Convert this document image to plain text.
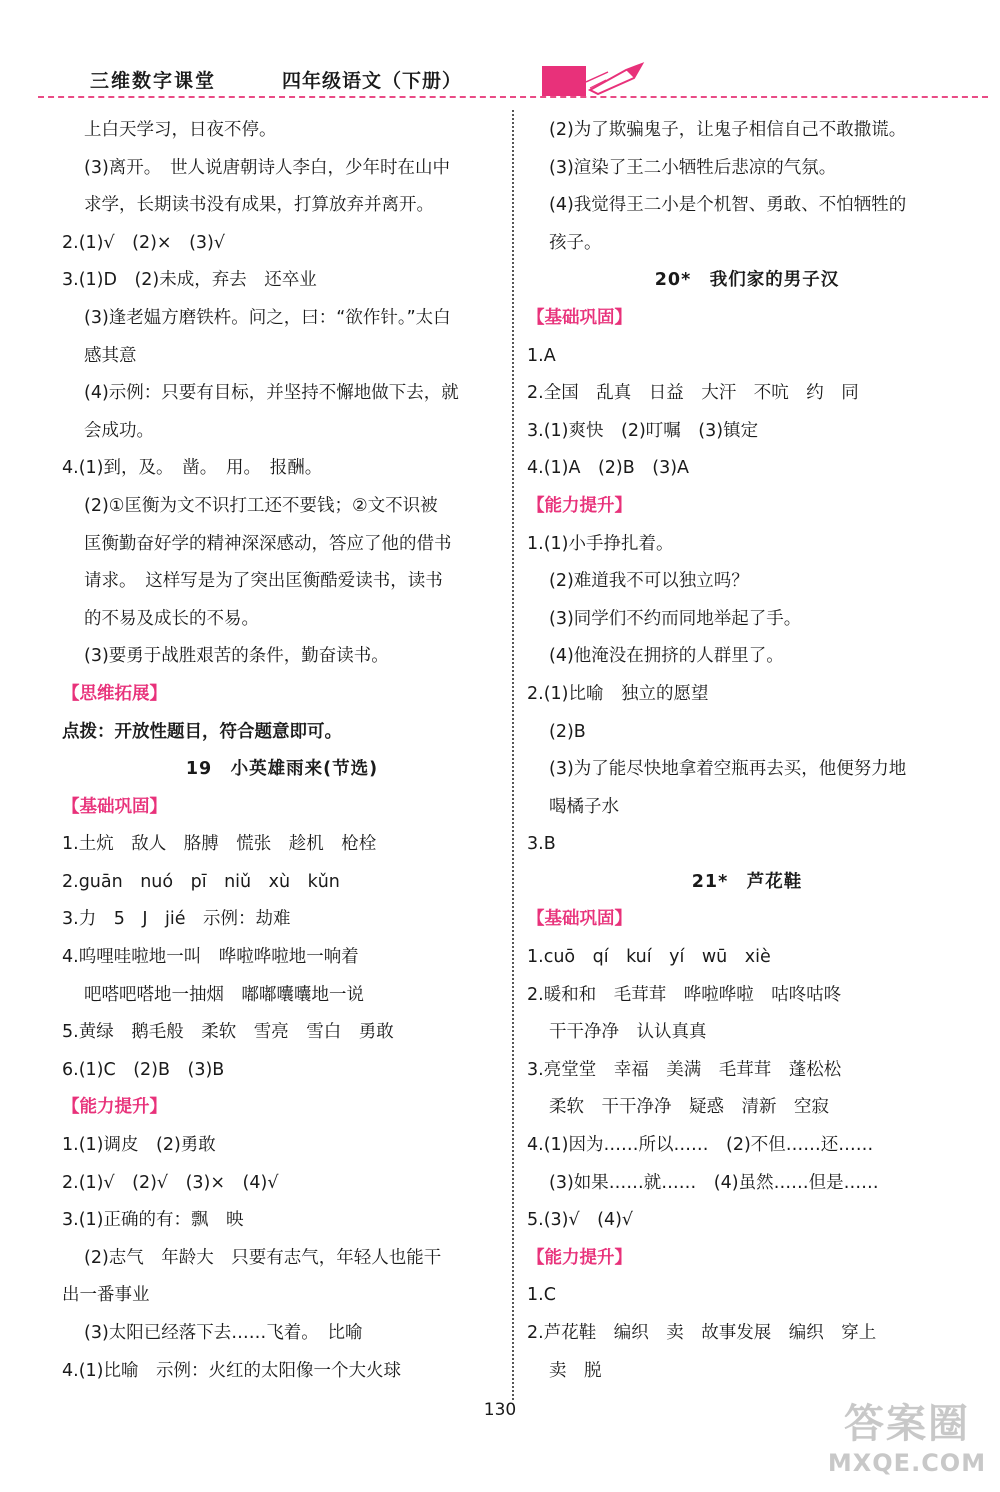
三维数字课堂	四年级语文（下册）
上白天学习，日夜不停。
(3)离开。　世人说唐朝诗人李白，少年时在山中
求学，长期读书没有成果，打算放弃并离开。
2.(1)√　(2)×　(3)√
3.(1)D　(2)未成，弃去　还卒业
(3)逢老媪方磨铁杵。问之，曰：“欲作针。”太白
感其意
(4)示例：只要有目标，并坚持不懈地做下去，就
会成功。
4.(1)到，及。　凿。　用。　报酬。
(2)①匡衡为文不识打工还不要钱；②文不识被
匡衡勤奋好学的精神深深感动，答应了他的借书
请求。　这样写是为了突出匡衡酷爱读书，读书
的不易及成长的不易。
(3)要勇于战胜艰苦的条件，勤奋读书。
【思维拓展】
点拨：开放性题目，符合题意即可。
19　小英雄雨来(节选)
【基础巩固】
1.土炕　敌人　胳膊　慌张　趁机　枪栓
2.guān　nuó　pī　niǔ　xù　kǔn
3.力　5　J　jié　示例：劫难
4.呜哩哇啦地一叫　哗啦哗啦地一响着
吧嗒吧嗒地一抽烟　嘟嘟囔囔地一说
5.黄绿　鹅毛般　柔软　雪亮　雪白　勇敢
6.(1)C　(2)B　(3)B
【能力提升】
1.(1)调皮　(2)勇敢
2.(1)√　(2)√　(3)×　(4)√
3.(1)正确的有：飘　映
(2)志气　年龄大　只要有志气，年轻人也能干
出一番事业
(3)太阳已经落下去……飞着。　比喻
4.(1)比喻　示例：火红的太阳像一个大火球
(2)为了欺骗鬼子，让鬼子相信自己不敢撒谎。
(3)渲染了王二小牺牲后悲凉的气氛。
(4)我觉得王二小是个机智、勇敢、不怕牺牲的
孩子。
20*　我们家的男子汉
【基础巩固】
1.A
2.全国　乱真　日益　大汗　不吭　约　同
3.(1)爽快　(2)叮嘱　(3)镇定
4.(1)A　(2)B　(3)A
【能力提升】
1.(1)小手挣扎着。
(2)难道我不可以独立吗？
(3)同学们不约而同地举起了手。
(4)他淹没在拥挤的人群里了。
2.(1)比喻　独立的愿望
(2)B
(3)为了能尽快地拿着空瓶再去买，他便努力地
喝橘子水
3.B
21*　芦花鞋
【基础巩固】
1.cuō　qí　kuí　yí　wū　xiè
2.暖和和　毛茸茸　哗啦哗啦　咕咚咕咚
干干净净　认认真真
3.亮堂堂　幸福　美满　毛茸茸　蓬松松
柔软　干干净净　疑惑　清新　空寂
4.(1)因为……所以……　(2)不但……还……
(3)如果……就……　(4)虽然……但是……
5.(3)√　(4)√
【能力提升】
1.C
2.芦花鞋　编织　卖　故事发展　编织　穿上
卖　脱
130	答案圈
MXQE.COM
